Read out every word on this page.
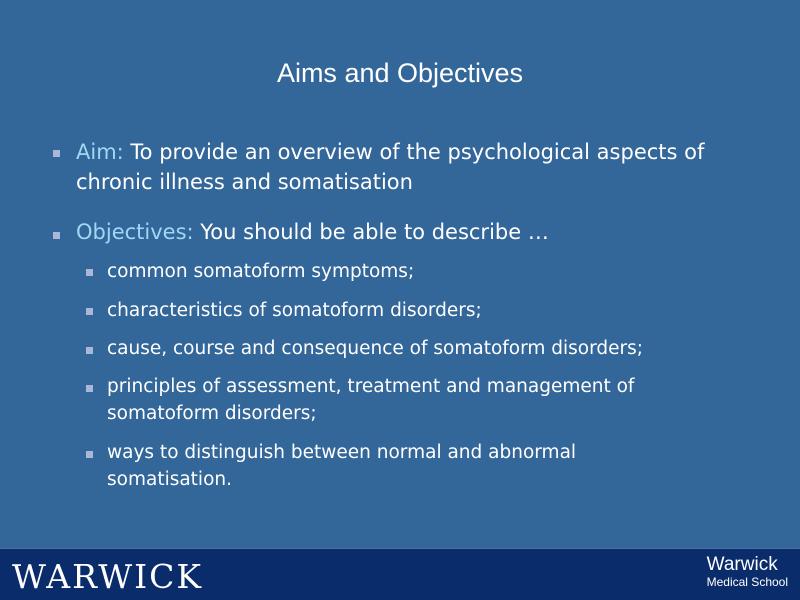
Aims and Objectives
Aim: To provide an overview of the psychological aspects of chronic illness and somatisation
Objectives: You should be able to describe …
common somatoform symptoms;
characteristics of somatoform disorders;
cause, course and consequence of somatoform disorders;
principles of assessment, treatment and management of somatoform disorders;
ways to distinguish between normal and abnormal somatisation.
WARWICK	Warwick
Medical School
